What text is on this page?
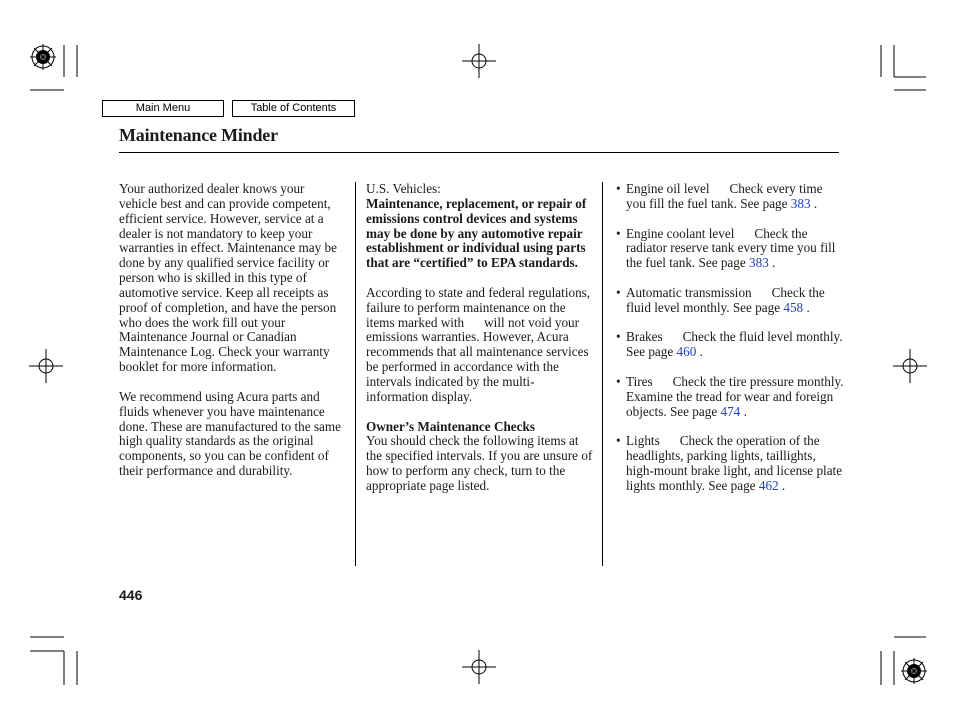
Main Menu	Table of Contents
Maintenance Minder

Your authorized dealer knows your vehicle best and can provide competent, efficient service. However, service at a dealer is not mandatory to keep your warranties in effect. Maintenance may be done by any qualified service facility or person who is skilled in this type of automotive service. Keep all receipts as proof of completion, and have the person who does the work fill out your Maintenance Journal or Canadian Maintenance Log. Check your warranty booklet for more information.

We recommend using Acura parts and fluids whenever you have maintenance done. These are manufactured to the same high quality standards as the original components, so you can be confident of their performance and durability.

U.S. Vehicles:

Maintenance, replacement, or repair of emissions control devices and systems may be done by any automotive repair establishment or individual using parts that are “certified” to EPA standards.

According to state and federal regulations, failure to perform maintenance on the items marked with will not void your emissions warranties. However, Acura recommends that all maintenance services be performed in accordance with the intervals indicated by the multi-information display.

Owner’s Maintenance Checks

You should check the following items at the specified intervals. If you are unsure of how to perform any check, turn to the appropriate page listed.

• Engine oil level Check every time you fill the fuel tank. See page 383 .
• Engine coolant level Check the radiator reserve tank every time you fill the fuel tank. See page 383 .
• Automatic transmission Check the fluid level monthly. See page 458 .
• Brakes Check the fluid level monthly. See page 460 .
• Tires Check the tire pressure monthly. Examine the tread for wear and foreign objects. See page 474 .
• Lights Check the operation of the headlights, parking lights, taillights, high-mount brake light, and license plate lights monthly. See page 462 .
446
